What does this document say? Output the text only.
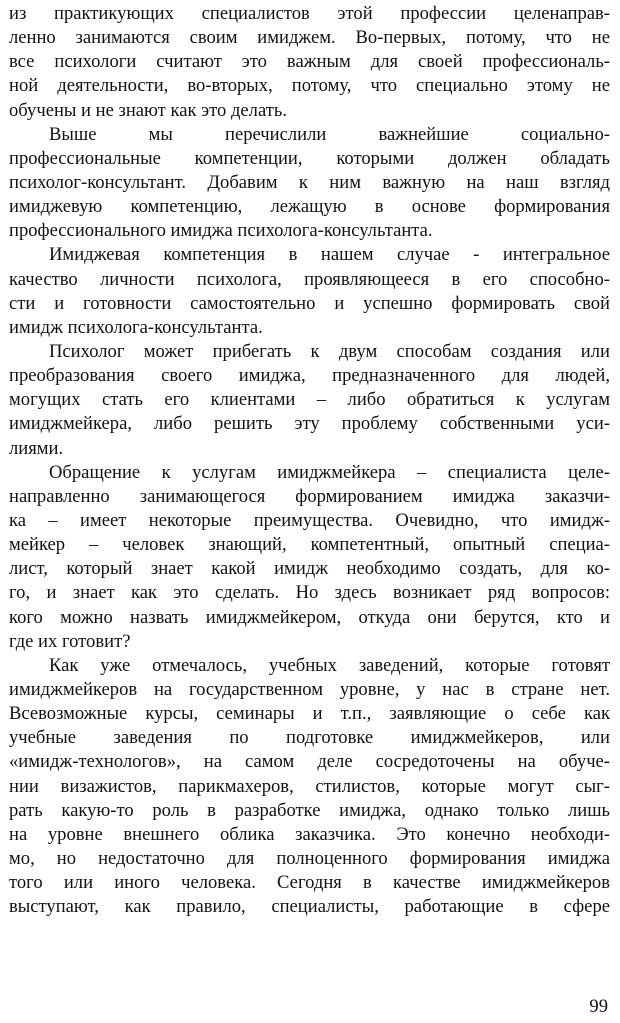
из практикующих специалистов этой профессии целенаправ-
ленно занимаются своим имиджем. Во-первых, потому, что не
все психологи считают это важным для своей профессиональ-
ной деятельности, во-вторых, потому, что специально этому не
обучены и не знают как это делать.
Выше мы перечислили важнейшие социально-
профессиональные компетенции, которыми должен обладать
психолог-консультант. Добавим к ним важную на наш взгляд
имиджевую компетенцию, лежащую в основе формирования
профессионального имиджа психолога-консультанта.
Имиджевая компетенция в нашем случае - интегральное
качество личности психолога, проявляющееся в его способно-
сти и готовности самостоятельно и успешно формировать свой
имидж психолога-консультанта.
Психолог может прибегать к двум способам создания или
преобразования своего имиджа, предназначенного для людей,
могущих стать его клиентами – либо обратиться к услугам
имиджмейкера, либо решить эту проблему собственными уси-
лиями.
Обращение к услугам имиджмейкера – специалиста целе-
направленно занимающегося формированием имиджа заказчи-
ка – имеет некоторые преимущества. Очевидно, что имидж-
мейкер – человек знающий, компетентный, опытный специа-
лист, который знает какой имидж необходимо создать, для ко-
го, и знает как это сделать. Но здесь возникает ряд вопросов:
кого можно назвать имиджмейкером, откуда они берутся, кто и
где их готовит?
Как уже отмечалось, учебных заведений, которые готовят
имиджмейкеров на государственном уровне, у нас в стране нет.
Всевозможные курсы, семинары и т.п., заявляющие о себе как
учебные заведения по подготовке имиджмейкеров, или
«имидж-технологов», на самом деле сосредоточены на обуче-
нии визажистов, парикмахеров, стилистов, которые могут сыг-
рать какую-то роль в разработке имиджа, однако только лишь
на уровне внешнего облика заказчика. Это конечно необходи-
мо, но недостаточно для полноценного формирования имиджа
того или иного человека. Сегодня в качестве имиджмейкеров
выступают, как правило, специалисты, работающие в сфере
99
